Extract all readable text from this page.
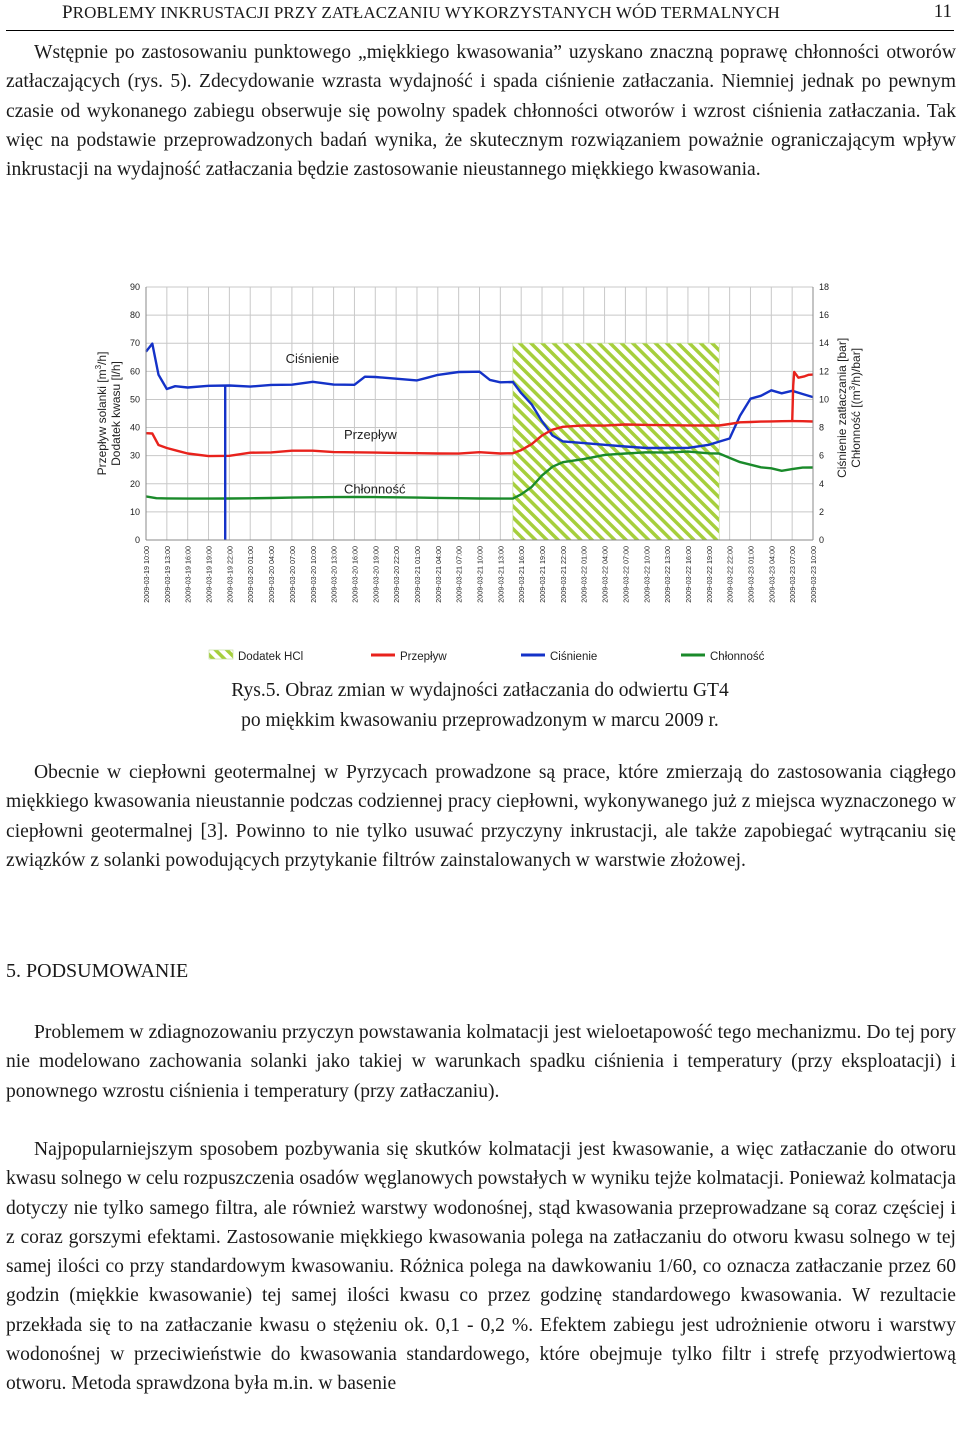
PROBLEMY INKRUSTACJI PRZY ZATŁACZANIU WYKORZYSTANYCH WÓD TERMALNYCH	11

Wstępnie po zastosowaniu punktowego „miękkiego kwasowania” uzyskano znaczną poprawę chłonności otworów zatłaczających (rys. 5). Zdecydowanie wzrasta wydajność i spada ciśnienie zatłaczania. Niemniej jednak po pewnym czasie od wykonanego zabiegu obserwuje się powolny spadek chłonności otworów i wzrost ciśnienia zatłaczania. Tak więc na podstawie przeprowadzonych badań wynika, że skutecznym rozwiązaniem poważnie ograniczającym wpływ inkrustacji na wydajność zatłaczania będzie zastosowanie nieustannego miękkiego kwasowania.

0	0
10	2
20	4
30	6
40	8
50	10
60	12
70	14
80	16
90	18
2009-03-19 10:00 2009-03-19 13:00 2009-03-19 16:00 2009-03-19 19:00 2009-03-19 22:00 2009-03-20 01:00 2009-03-20 04:00 2009-03-20 07:00 2009-03-20 10:00 2009-03-20 13:00 2009-03-20 16:00 2009-03-20 19:00 2009-03-20 22:00 2009-03-21 01:00 2009-03-21 04:00 2009-03-21 07:00 2009-03-21 10:00 2009-03-21 13:00 2009-03-21 16:00 2009-03-21 19:00 2009-03-21 22:00 2009-03-22 01:00 2009-03-22 04:00 2009-03-22 07:00 2009-03-22 10:00 2009-03-22 13:00 2009-03-22 16:00 2009-03-22 19:00 2009-03-22 22:00 2009-03-23 01:00 2009-03-23 04:00 2009-03-23 07:00 2009-03-23 10:00
Ciśnienie
Przepływ
Chłonność
Przepływ solanki $[m^3/h]$
Dodatek kwasu [l/h]	Ciśnienie zatłaczania [bar] Chłonność $[(m^3/h)/bar]$
Dodatek HCl	Przepływ	Ciśnienie	Chłonność
Rys.5. Obraz zmian w wydajności zatłaczania do odwiertu GT4
po miękkim kwasowaniu przeprowadzonym w marcu 2009 r.

Obecnie w ciepłowni geotermalnej w Pyrzycach prowadzone są prace, które zmierzają do zastosowania ciągłego miękkiego kwasowania nieustannie podczas codziennej pracy ciepłowni, wykonywanego już z miejsca wyznaczonego w ciepłowni geotermalnej [3]. Powinno to nie tylko usuwać przyczyny inkrustacji, ale także zapobiegać wytrącaniu się związków z solanki powodujących przytykanie filtrów zainstalowanych w warstwie złożowej.

5. PODSUMOWANIE

Problemem w zdiagnozowaniu przyczyn powstawania kolmatacji jest wieloetapowość tego mechanizmu. Do tej pory nie modelowano zachowania solanki jako takiej w warunkach spadku ciśnienia i temperatury (przy eksploatacji) i ponownego wzrostu ciśnienia i temperatury (przy zatłaczaniu).

Najpopularniejszym sposobem pozbywania się skutków kolmatacji jest kwasowanie, a więc zatłaczanie do otworu kwasu solnego w celu rozpuszczenia osadów węglanowych powstałych w wyniku tejże kolmatacji. Ponieważ kolmatacja dotyczy nie tylko samego filtra, ale również warstwy wodonośnej, stąd kwasowania przeprowadzane są coraz częściej i z coraz gorszymi efektami. Zastosowanie miękkiego kwasowania polega na zatłaczaniu do otworu kwasu solnego w tej samej ilości co przy standardowym kwasowaniu. Różnica polega na dawkowaniu 1/60, co oznacza zatłaczanie przez 60 godzin (miękkie kwasowanie) tej samej ilości kwasu co przez godzinę standardowego kwasowania. W rezultacie przekłada się to na zatłaczanie kwasu o stężeniu ok. 0,1 - 0,2 %. Efektem zabiegu jest udrożnienie otworu i warstwy wodonośnej w przeciwieństwie do kwasowania standardowego, które obejmuje tylko filtr i strefę przyodwiertową otworu. Metoda sprawdzona była m.in. w basenie
